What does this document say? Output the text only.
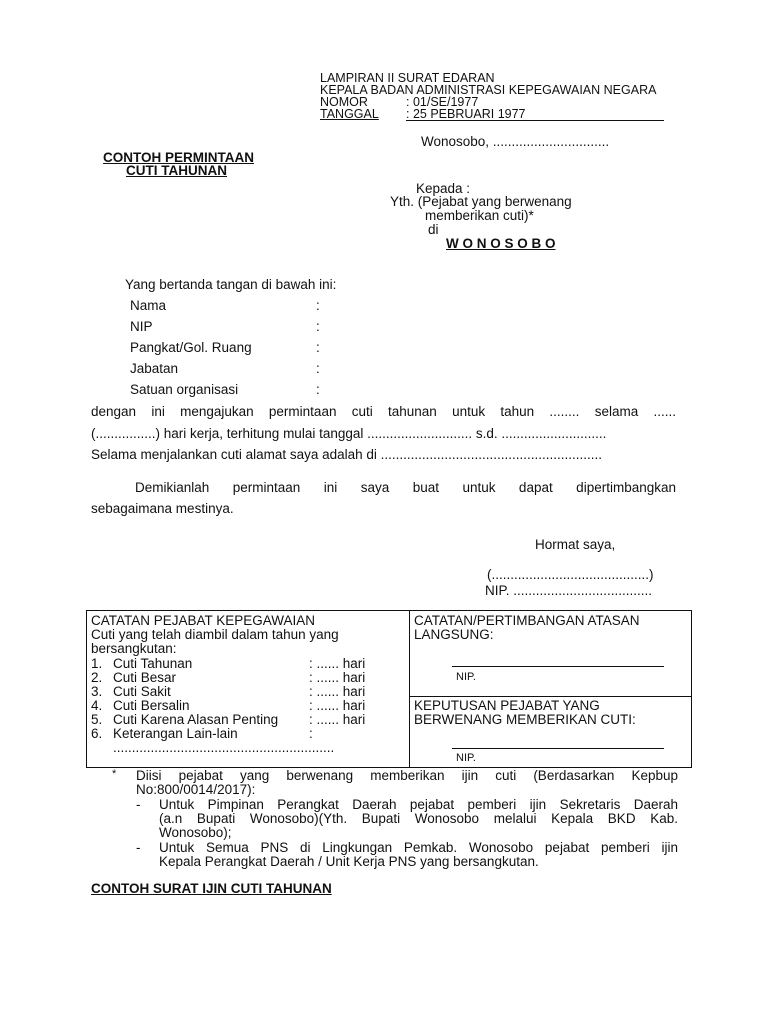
LAMPIRAN II SURAT EDARAN
KEPALA BADAN ADMINISTRASI KEPEGAWAIAN NEGARA
NOMOR	: 01/SE/1977
TANGGAL : 25 PEBRUARI 1977
Wonosobo, ...............................
CONTOH PERMINTAAN
CUTI TAHUNAN
Kepada :
Yth. (Pejabat yang berwenang
memberikan cuti)*
di
W O N O S O B O
Yang bertanda tangan di bawah ini:
Nama	:
NIP	:
Pangkat/Gol. Ruang	:
Jabatan	:
Satuan organisasi	:
dengan ini mengajukan permintaan cuti tahunan untuk tahun ........ selama ......
(................) hari kerja, terhitung mulai tanggal ............................ s.d. ............................
Selama menjalankan cuti alamat saya adalah di ...........................................................
Demikianlah permintaan ini saya buat untuk dapat dipertimbangkan
sebagaimana mestinya.
Hormat saya,
(..........................................)
NIP. .....................................
CATATAN PEJABAT KEPEGAWAIAN
Cuti yang telah diambil dalam tahun yang
bersangkutan:
1. Cuti Tahunan	: ...... hari
2. Cuti Besar	: ...... hari
3. Cuti Sakit	: ...... hari
4. Cuti Bersalin	: ...... hari
5. Cuti Karena Alasan Penting : ...... hari
6. Keterangan Lain-lain	:
...........................................................

CATATAN/PERTIMBANGAN ATASAN
LANGSUNG:
NIP.

KEPUTUSAN PEJABAT YANG
BERWENANG MEMBERIKAN CUTI:
NIP.
* Diisi pejabat yang berwenang memberikan ijin cuti (Berdasarkan Kepbup
No:800/0014/2017):
- Untuk Pimpinan Perangkat Daerah pejabat pemberi ijin Sekretaris Daerah
(a.n Bupati Wonosobo)(Yth. Bupati Wonosobo melalui Kepala BKD Kab.
Wonosobo);
- Untuk Semua PNS di Lingkungan Pemkab. Wonosobo pejabat pemberi ijin
Kepala Perangkat Daerah / Unit Kerja PNS yang bersangkutan.
CONTOH SURAT IJIN CUTI TAHUNAN
